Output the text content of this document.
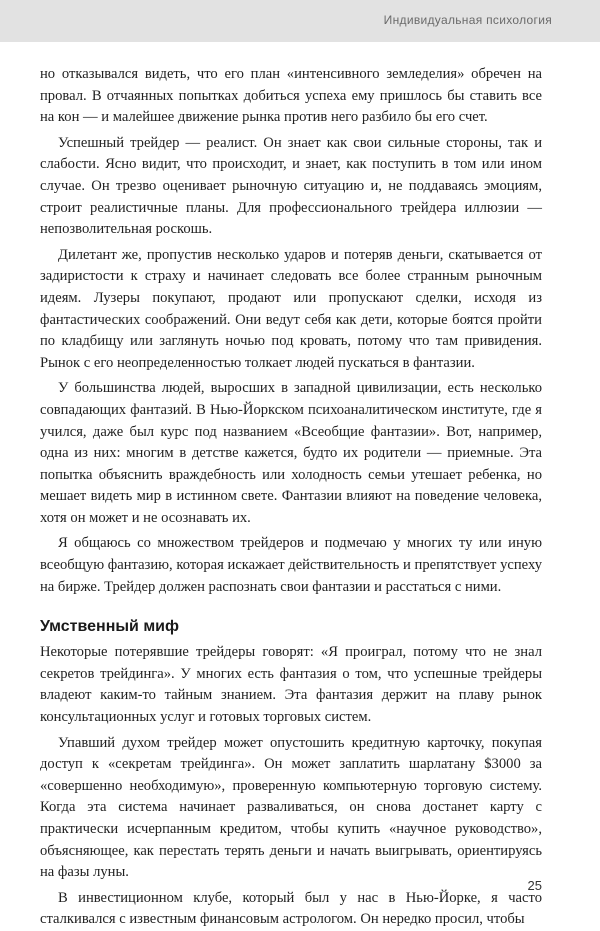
Индивидуальная психология

но отказывался видеть, что его план «интенсивного земледелия» обречен на провал. В отчаянных попытках добиться успеха ему пришлось бы ставить все на кон — и малейшее движение рынка против него разбило бы его счет.

Успешный трейдер — реалист. Он знает как свои сильные стороны, так и слабости. Ясно видит, что происходит, и знает, как поступить в том или ином случае. Он трезво оценивает рыночную ситуацию и, не поддаваясь эмоциям, строит реалистичные планы. Для профессионального трейдера иллюзии — непозволительная роскошь.

Дилетант же, пропустив несколько ударов и потеряв деньги, скатывается от задиристости к страху и начинает следовать все более странным рыночным идеям. Лузеры покупают, продают или пропускают сделки, исходя из фантастических соображений. Они ведут себя как дети, которые боятся пройти по кладбищу или заглянуть ночью под кровать, потому что там привидения. Рынок с его неопределенностью толкает людей пускаться в фантазии.

У большинства людей, выросших в западной цивилизации, есть несколько совпадающих фантазий. В Нью-Йоркском психоаналитическом институте, где я учился, даже был курс под названием «Всеобщие фантазии». Вот, например, одна из них: многим в детстве кажется, будто их родители — приемные. Эта попытка объяснить враждебность или холодность семьи утешает ребенка, но мешает видеть мир в истинном свете. Фантазии влияют на поведение человека, хотя он может и не осознавать их.

Я общаюсь со множеством трейдеров и подмечаю у многих ту или иную всеобщую фантазию, которая искажает действительность и препятствует успеху на бирже. Трейдер должен распознать свои фантазии и расстаться с ними.

Умственный миф

Некоторые потерявшие трейдеры говорят: «Я проиграл, потому что не знал секретов трейдинга». У многих есть фантазия о том, что успешные трейдеры владеют каким-то тайным знанием. Эта фантазия держит на плаву рынок консультационных услуг и готовых торговых систем.

Упавший духом трейдер может опустошить кредитную карточку, покупая доступ к «секретам трейдинга». Он может заплатить шарлатану $3000 за «совершенно необходимую», проверенную компьютерную торговую систему. Когда эта система начинает разваливаться, он снова достанет карту с практически исчерпанным кредитом, чтобы купить «научное руководство», объясняющее, как перестать терять деньги и начать выигрывать, ориентируясь на фазы луны.

В инвестиционном клубе, который был у нас в Нью-Йорке, я часто сталкивался с известным финансовым астрологом. Он нередко просил, чтобы

25
